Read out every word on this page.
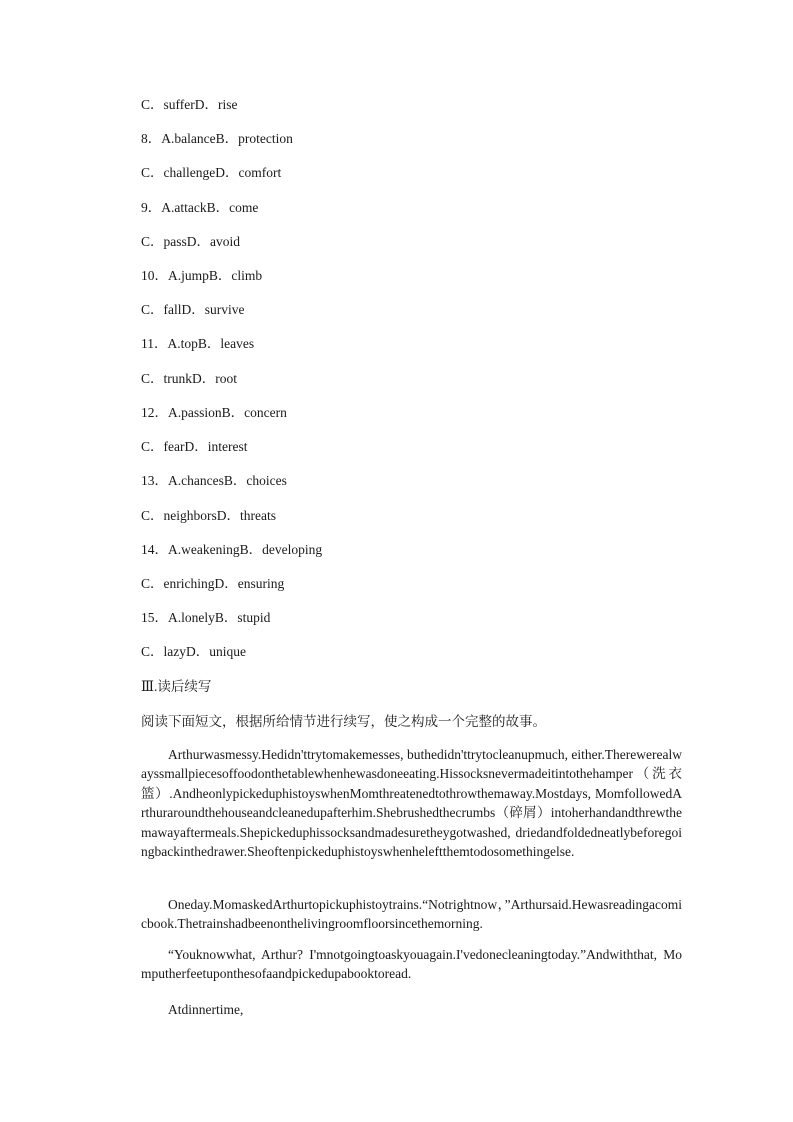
C．sufferD．rise
8．A.balanceB．protection
C．challengeD．comfort
9．A.attackB．come
C．passD．avoid
10．A.jumpB．climb
C．fallD．survive
11．A.topB．leaves
C．trunkD．root
12．A.passionB．concern
C．fearD．interest
13．A.chancesB．choices
C．neighborsD．threats
14．A.weakeningB．developing
C．enrichingD．ensuring
15．A.lonelyB．stupid
C．lazyD．unique
Ⅲ.读后续写
阅读下面短文，根据所给情节进行续写，使之构成一个完整的故事。
Arthurwasmessy.Hedidn'ttrytomakemesses, buthedidn'ttrytocleanupmuch, either.Therewerealwayssmallpiecesoffoodonthetablewhenhewasdoneeating.Hissocksnevermadeitintothehamper（洗衣篮）.AndheonlypickeduphistoyswhenMomthreatenedtothrowthemaway.Mostdays, MomfollowedArthuraroundthehouseandcleanedupafterhim.Shebrushedthecrumbs（碎屑）intoherhandandthrewthemawayaftermeals.Shepickeduphissocksandmadesuretheygotwashed, driedandfoldedneatlybeforegoingbackinthedrawer.Sheoftenpickeduphistoyswhenheleftthemtodosomethingelse.
Oneday.MomaskedArthurtopickuphistoytrains.“Notrightnow，”Arthursaid.Hewasreadingacomicbook.Thetrainshadbeenonthelivingroomfloorsincethemorning.
“Youknowwhat, Arthur? I'mnotgoingtoaskyouagain.I'vedonecleaningtoday.”Andwiththat, Momputherfeetuponthesofaandpickedupabooktoread.
Atdinnertime,
